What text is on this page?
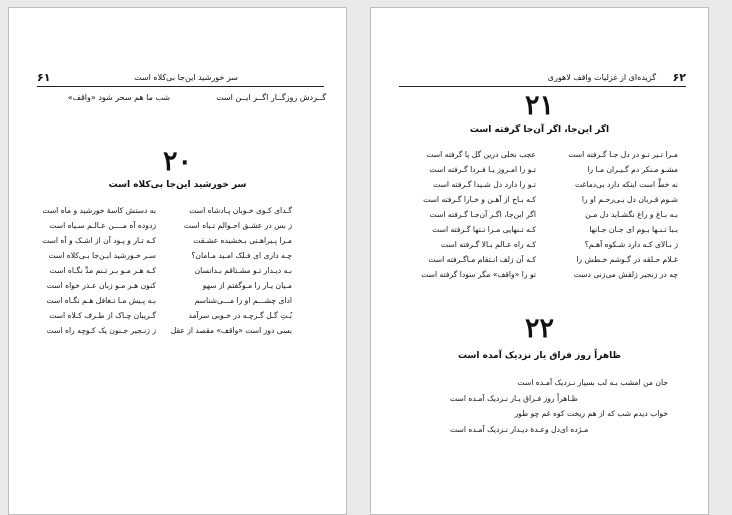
۶۱	سر خورشید این‌جا بی‌کلاه است
شب ما هم سحر شود «واقف»	گــردش روزگــار اگــر ایــن است
۲۰
سر خورشید این‌جا بی‌کلاه است
گـدای کـوی خـوبان پـادشاه است
ز بس در عشـق احـوالم تـباه است
مـرا پـیراهـنی بـخشیده عشـقت
چـه داری ای فـلک امـید مـا‌مان؟
بـه دیـدار تـو مشـتاقم بـدانسان
مـیان یـار را مـوگفتم از سهو
ادای چشـــم او را مـــی‌شناسم
بُـتِ گـل گـرچـه در خـوبی سرآمد
بسی دور است «واقف» مقصد از عقل
به دستش کاسهٔ خورشید و ماه است
زدوده آه مــــن عـالـم سـیاه است
کـه تـار و پـود آن از اشـک و آه است
سـر خـورشید ایـن‌جا بـی‌کلاه است
کـه هـر مـو بـر تـنم مدِّ نگـاه است
کنون هـر مـو زبان عـذر خواه است
بـه پـیش مـا تـغافل هـم نگـاه است
گـریبان چـاک از طـرف کـلاه است
ز زنـجیر جـنون یک کـوچه راه است
۶۲
گزیده‌ای از غزلیات واقف لاهوری
۲۱
اگر این‌جا، اگر آن‌جا گرفته است
مـرا تـیر تـو در دل جـا گـرفته است
مشـو مـنکر دم گـیـران مـا را
نه خطِّ است اینکه دارد بی‌دماغت
شـوم قـربان دل بـی‌رحـم او را
بـه بـاغ و راغ نگشـاید دل مـن
بـبا تـنـها بـوم ای جـان جـانها
ز بـالای کـه دارد شـکوه آهـم؟
غـلام حـلقه در گـوشم خـطش را
چه در زنجیر زلفش می‌زنی دست
عجب نخلی درین گل پا گرفته است
تـو را امـروز یـا فـردا گـرفته است
تـو را دارد دل شـیدا گـرفته است
کـه بـاج از آهـن و خـارا گـرفته است
اگر این‌جا، اگـر آن‌جـا گـرفته است
کـه تـنهایی مـرا تـنها گـرفته است
کـه راه عـالم بـالا گـرفته است
کـه آن زلف انـتقام مـاگـرفته است
تو را «واقف» مگر سودا گرفته است
۲۲
ظاهراً روز فراق یار نزدیک آمده است
جان من امشب بـه لب بسیار نـزدیک آمـده است
ظـاهراً روز فـراق یـار نـزدیک آمـده است
خواب دیدم شب که از هم ریخت کوه غم چو طور
مـژده ای‌دل وعـدهٔ دیـدار نـزدیک آمـده است
